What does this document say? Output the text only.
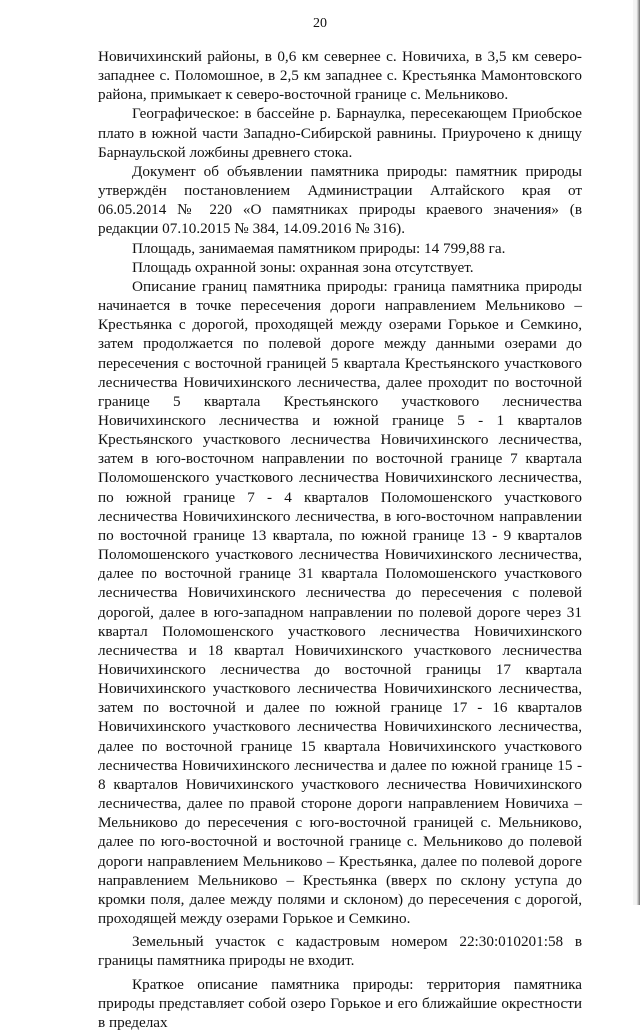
20

Новичихинский районы, в 0,6 км севернее с. Новичиха, в 3,5 км северо-западнее с. Поломошное, в 2,5 км западнее с. Крестьянка Мамонтовского района, примыкает к северо-восточной границе с. Мельниково.

Географическое: в бассейне р. Барнаулка, пересекающем Приобское плато в южной части Западно-Сибирской равнины. Приурочено к днищу Барнаульской ложбины древнего стока.

Документ об объявлении памятника природы: памятник природы утверждён постановлением Администрации Алтайского края от 06.05.2014 № 220 «О памятниках природы краевого значения» (в редакции 07.10.2015 № 384, 14.09.2016 № 316).

Площадь, занимаемая памятником природы: 14 799,88 га.

Площадь охранной зоны: охранная зона отсутствует.

Описание границ памятника природы: граница памятника природы начинается в точке пересечения дороги направлением Мельниково – Крестьянка с дорогой, проходящей между озерами Горькое и Семкино, затем продолжается по полевой дороге между данными озерами до пересечения с восточной границей 5 квартала Крестьянского участкового лесничества Новичихинского лесничества, далее проходит по восточной границе 5 квартала Крестьянского участкового лесничества Новичихинского лесничества и южной границе 5 - 1 кварталов Крестьянского участкового лесничества Новичихинского лесничества, затем в юго-восточном направлении по восточной границе 7 квартала Поломошенского участкового лесничества Новичихинского лесничества, по южной границе 7 - 4 кварталов Поломошенского участкового лесничества Новичихинского лесничества, в юго-восточном направлении по восточной границе 13 квартала, по южной границе 13 - 9 кварталов Поломошенского участкового лесничества Новичихинского лесничества, далее по восточной границе 31 квартала Поломошенского участкового лесничества Новичихинского лесничества до пересечения с полевой дорогой, далее в юго-западном направлении по полевой дороге через 31 квартал Поломошенского участкового лесничества Новичихинского лесничества и 18 квартал Новичихинского участкового лесничества Новичихинского лесничества до восточной границы 17 квартала Новичихинского участкового лесничества Новичихинского лесничества, затем по восточной и далее по южной границе 17 - 16 кварталов Новичихинского участкового лесничества Новичихинского лесничества, далее по восточной границе 15 квартала Новичихинского участкового лесничества Новичихинского лесничества и далее по южной границе 15 - 8 кварталов Новичихинского участкового лесничества Новичихинского лесничества, далее по правой стороне дороги направлением Новичиха – Мельниково до пересечения с юго-восточной границей с. Мельниково, далее по юго-восточной и восточной границе с. Мельниково до полевой дороги направлением Мельниково – Крестьянка, далее по полевой дороге направлением Мельниково – Крестьянка (вверх по склону уступа до кромки поля, далее между полями и склоном) до пересечения с дорогой, проходящей между озерами Горькое и Семкино.

Земельный участок с кадастровым номером 22:30:010201:58 в границы памятника природы не входит.

Краткое описание памятника природы: территория памятника природы представляет собой озеро Горькое и его ближайшие окрестности в пределах
